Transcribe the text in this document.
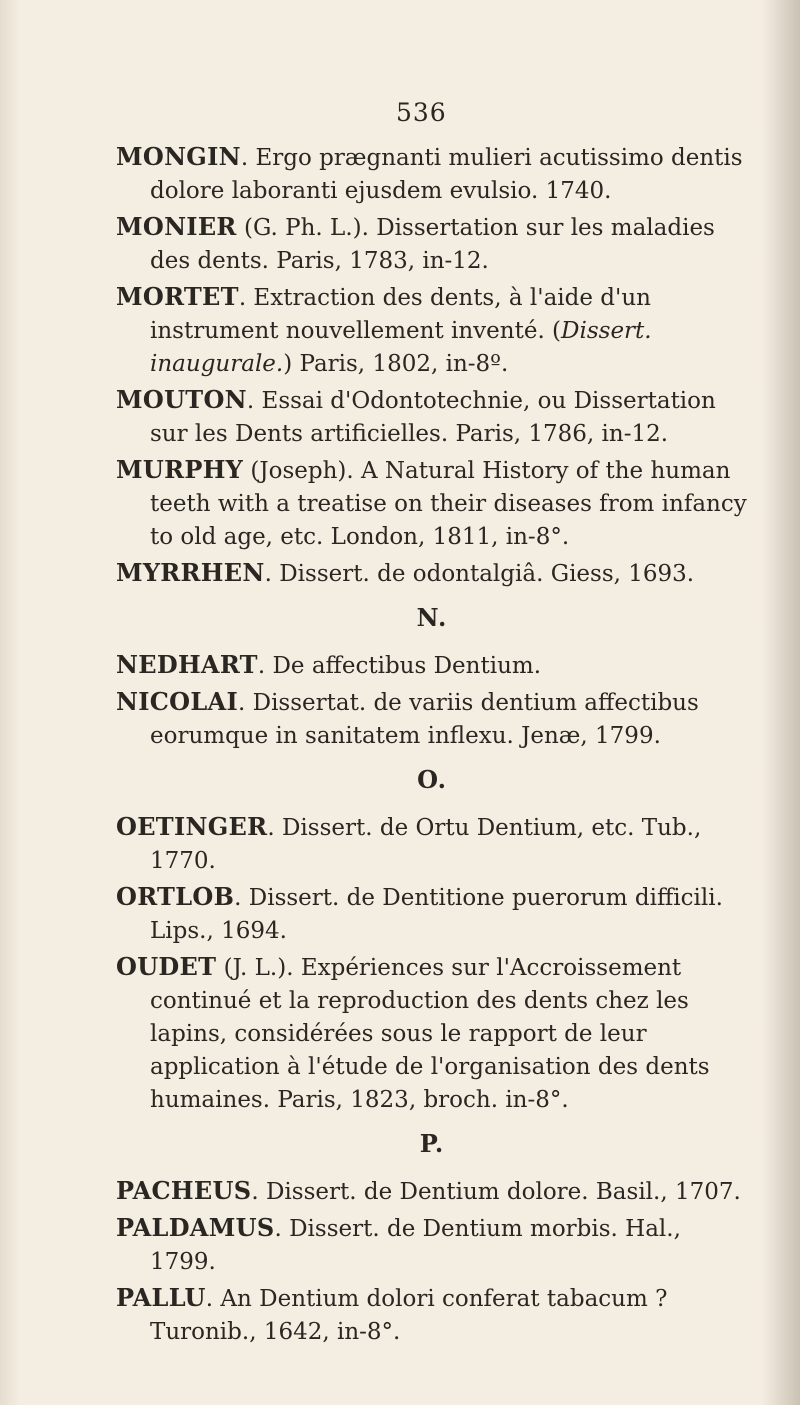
536

MONGIN. Ergo prægnanti mulieri acutissimo dentis dolore laboranti ejusdem evulsio. 1740.

MONIER (G. Ph. L.). Dissertation sur les maladies des dents. Paris, 1783, in-12.

MORTET. Extraction des dents, à l'aide d'un instrument nouvellement inventé. (Dissert. inaugurale.) Paris, 1802, in-8º.

MOUTON. Essai d'Odontotechnie, ou Dissertation sur les Dents artificielles. Paris, 1786, in-12.

MURPHY (Joseph). A Natural History of the human teeth with a treatise on their diseases from infancy to old age, etc. London, 1811, in-8°.

MYRRHEN. Dissert. de odontalgiâ. Giess, 1693.

N.

NEDHART. De affectibus Dentium.

NICOLAI. Dissertat. de variis dentium affectibus eorumque in sanitatem inflexu. Jenæ, 1799.

O.

OETINGER. Dissert. de Ortu Dentium, etc. Tub., 1770.

ORTLOB. Dissert. de Dentitione puerorum difficili. Lips., 1694.

OUDET (J. L.). Expériences sur l'Accroissement continué et la reproduction des dents chez les lapins, considérées sous le rapport de leur application à l'étude de l'organisation des dents humaines. Paris, 1823, broch. in-8°.

P.

PACHEUS. Dissert. de Dentium dolore. Basil., 1707.

PALDAMUS. Dissert. de Dentium morbis. Hal., 1799.

PALLU. An Dentium dolori conferat tabacum ? Turonib., 1642, in-8°.
